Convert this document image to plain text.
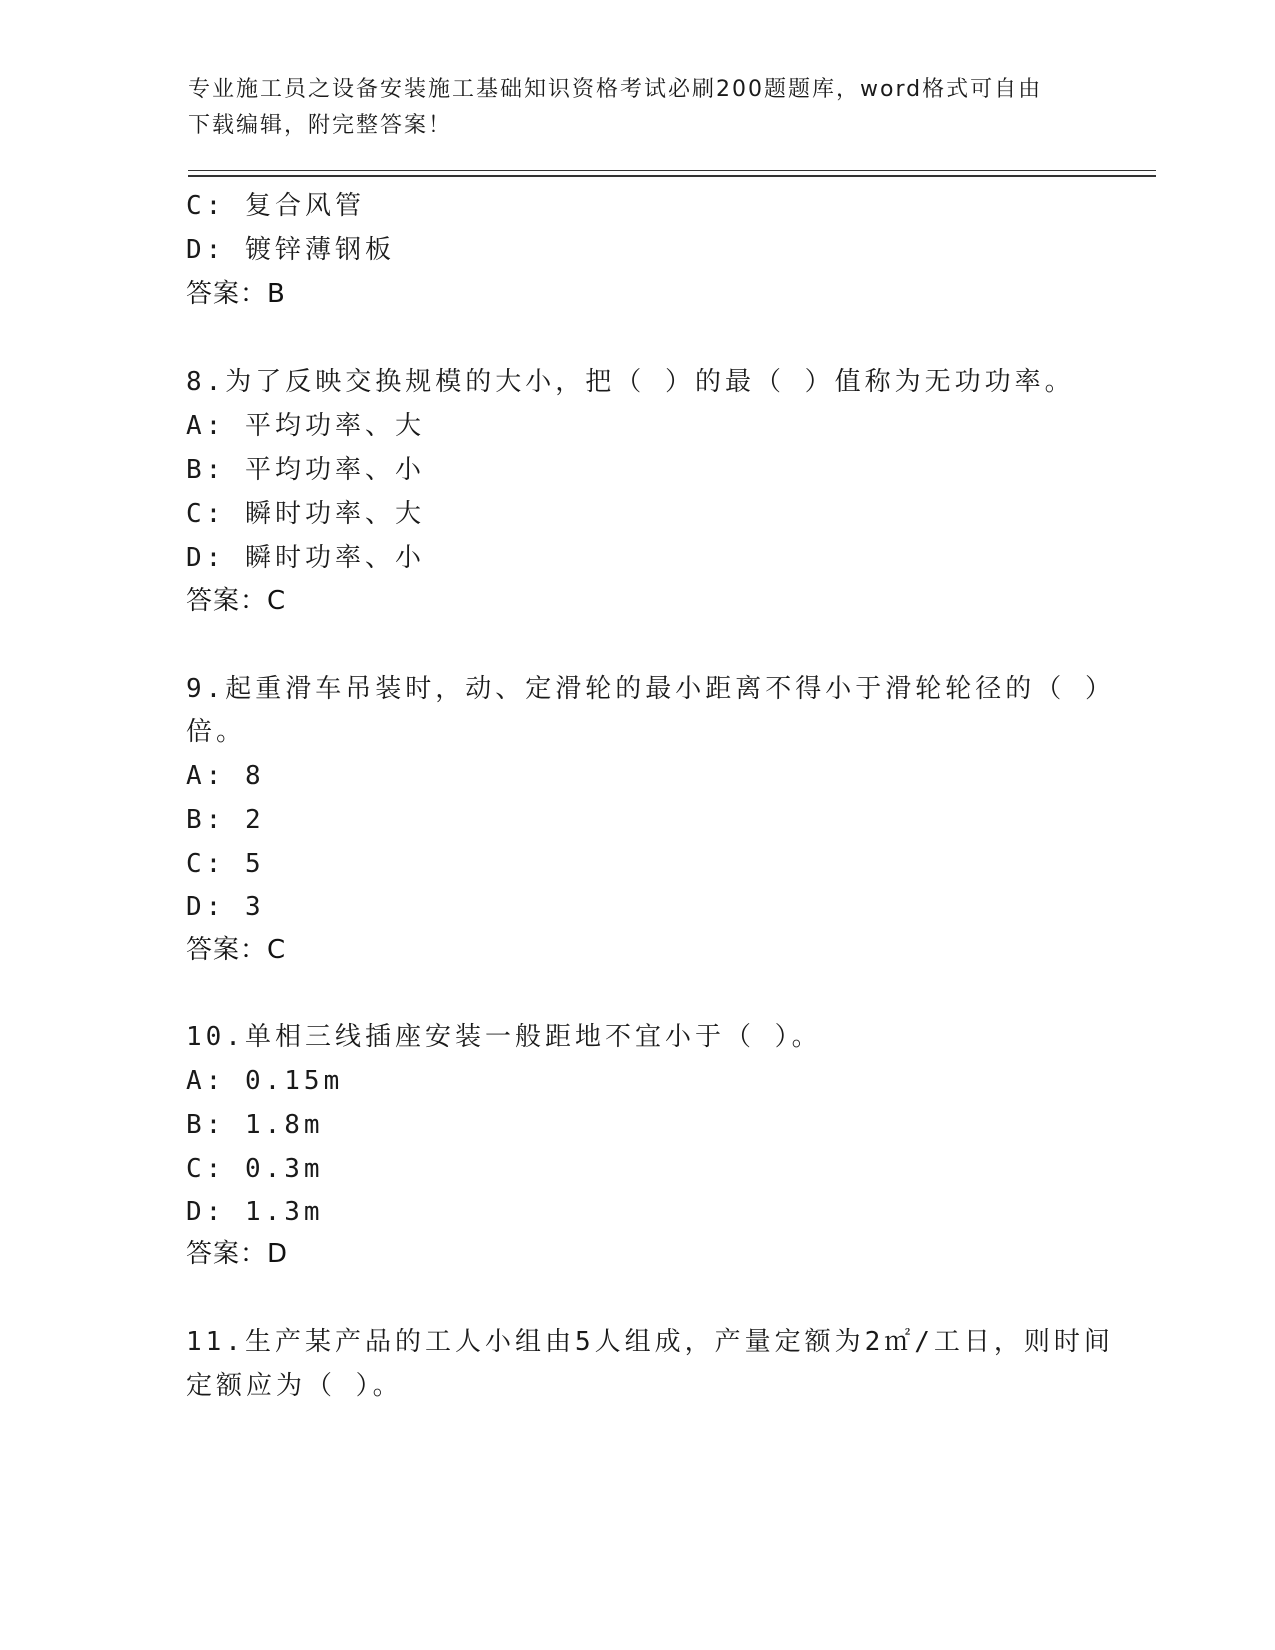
专业施工员之设备安装施工基础知识资格考试必刷200题题库，word格式可自由
下载编辑，附完整答案！
C: 复合风管
D: 镀锌薄钢板
答案：B
8.为了反映交换规模的大小，把（ ）的最（ ）值称为无功功率。
A: 平均功率、大
B: 平均功率、小
C: 瞬时功率、大
D: 瞬时功率、小
答案：C
9.起重滑车吊装时，动、定滑轮的最小距离不得小于滑轮轮径的（ ）
倍。
A: 8
B: 2
C: 5
D: 3
答案：C
10.单相三线插座安装一般距地不宜小于（ ）。
A: 0.15m
B: 1.8m
C: 0.3m
D: 1.3m
答案：D
11.生产某产品的工人小组由5人组成，产量定额为2㎡/工日，则时间
定额应为（ ）。
